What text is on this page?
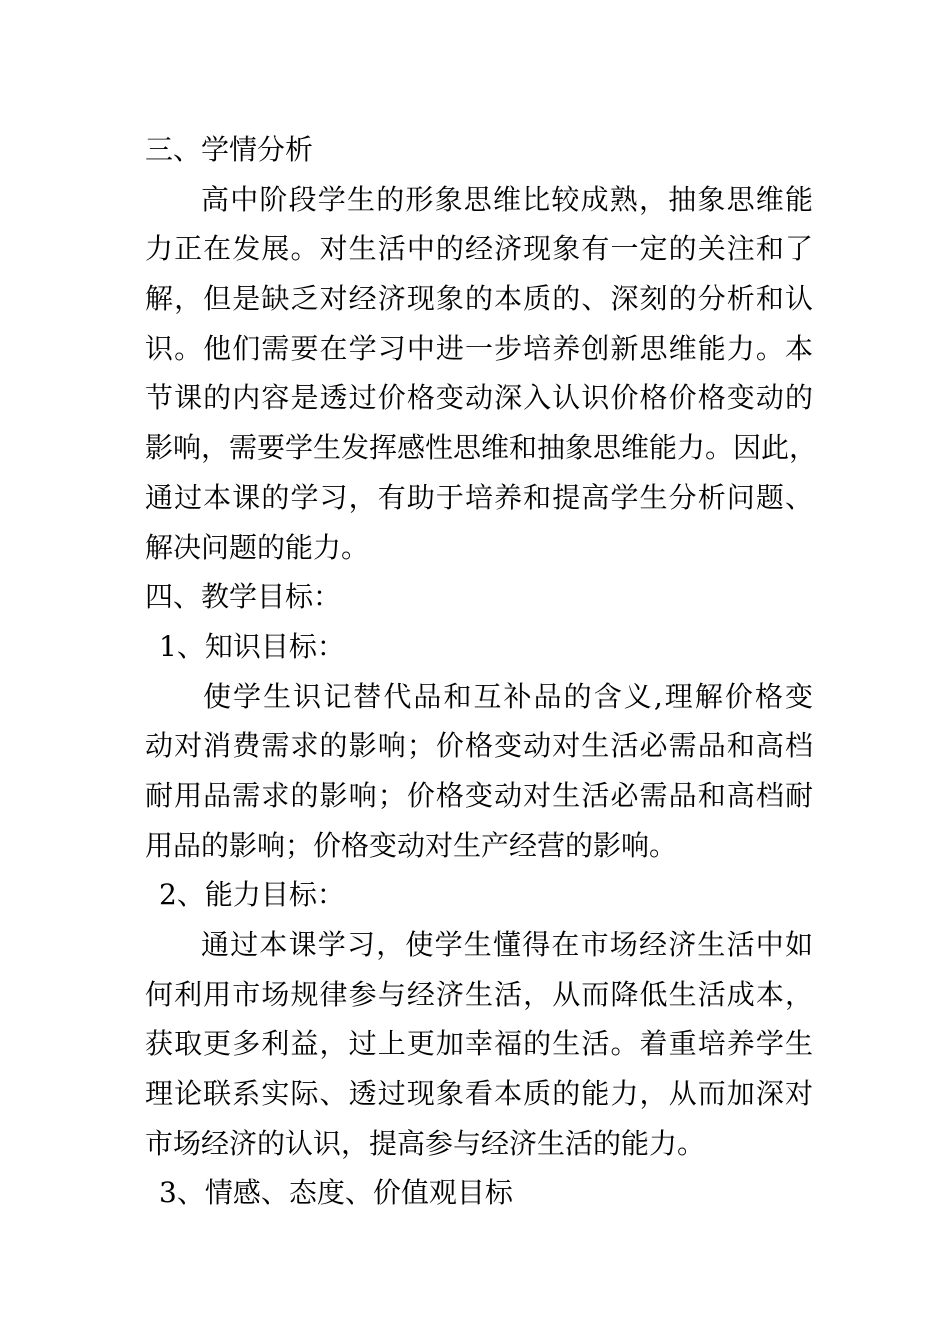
三、学情分析
高中阶段学生的形象思维比较成熟，抽象思维能
力正在发展。对生活中的经济现象有一定的关注和了
解，但是缺乏对经济现象的本质的、深刻的分析和认
识。他们需要在学习中进一步培养创新思维能力。本
节课的内容是透过价格变动深入认识价格价格变动的
影响，需要学生发挥感性思维和抽象思维能力。因此，
通过本课的学习，有助于培养和提高学生分析问题、
解决问题的能力。
四、教学目标：
1、知识目标：
使学生识记替代品和互补品的含义,理解价格变
动对消费需求的影响；价格变动对生活必需品和高档
耐用品需求的影响；价格变动对生活必需品和高档耐
用品的影响；价格变动对生产经营的影响。
2、能力目标：
通过本课学习，使学生懂得在市场经济生活中如
何利用市场规律参与经济生活，从而降低生活成本，
获取更多利益，过上更加幸福的生活。着重培养学生
理论联系实际、透过现象看本质的能力，从而加深对
市场经济的认识，提高参与经济生活的能力。
3、情感、态度、价值观目标
